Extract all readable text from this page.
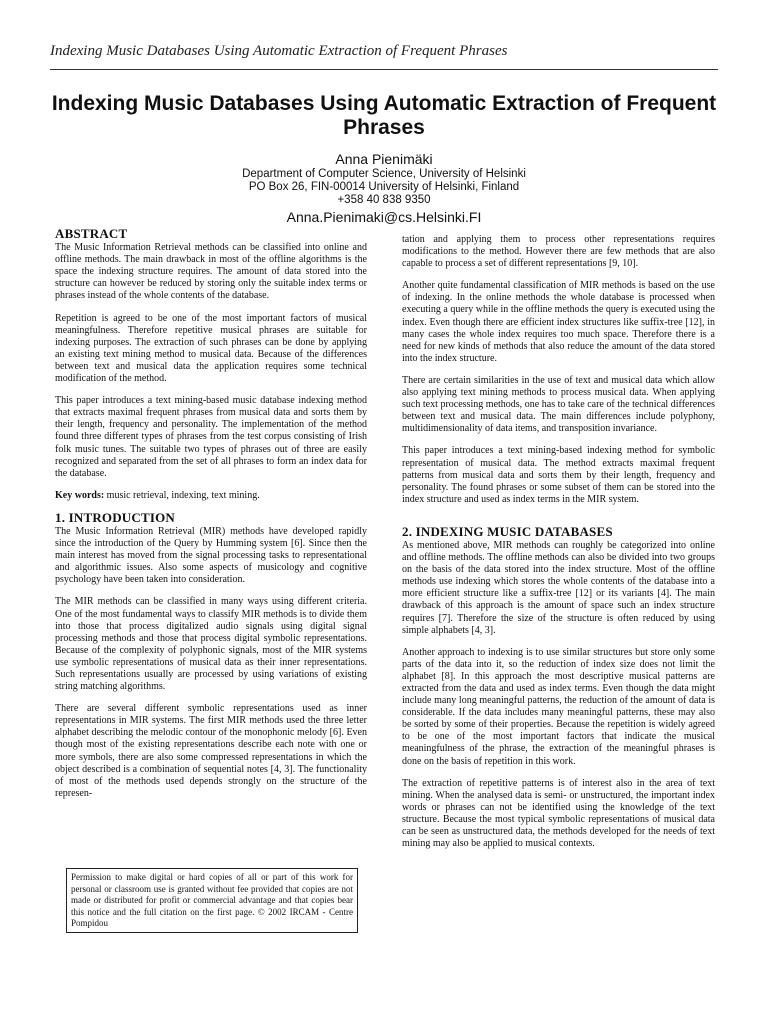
Indexing Music Databases Using Automatic Extraction of Frequent Phrases
Indexing Music Databases Using Automatic Extraction of Frequent Phrases
Anna Pienimäki
Department of Computer Science, University of Helsinki
PO Box 26, FIN-00014 University of Helsinki, Finland
+358 40 838 9350
Anna.Pienimaki@cs.Helsinki.FI
ABSTRACT

The Music Information Retrieval methods can be classified into online and offline methods. The main drawback in most of the offline algorithms is the space the indexing structure requires. The amount of data stored into the structure can however be reduced by storing only the suitable index terms or phrases instead of the whole contents of the database.

Repetition is agreed to be one of the most important factors of musical meaningfulness. Therefore repetitive musical phrases are suitable for indexing purposes. The extraction of such phrases can be done by applying an existing text mining method to musical data. Because of the differences between text and musical data the application requires some technical modification of the method.

This paper introduces a text mining-based music database indexing method that extracts maximal frequent phrases from musical data and sorts them by their length, frequency and personality. The implementation of the method found three different types of phrases from the test corpus consisting of Irish folk music tunes. The suitable two types of phrases out of three are easily recognized and separated from the set of all phrases to form an index data for the database.

Key words: music retrieval, indexing, text mining.

1. INTRODUCTION

The Music Information Retrieval (MIR) methods have developed rapidly since the introduction of the Query by Humming system [6]. Since then the main interest has moved from the signal processing tasks to representational and algorithmic issues. Also some aspects of musicology and cognitive psychology have been taken into consideration.

The MIR methods can be classified in many ways using different criteria. One of the most fundamental ways to classify MIR methods is to divide them into those that process digitalized audio signals using digital signal processing methods and those that process digital symbolic representations. Because of the complexity of polyphonic signals, most of the MIR systems use symbolic representations of musical data as their inner representations. Such representations usually are processed by using variations of existing string matching algorithms.

There are several different symbolic representations used as inner representations in MIR systems. The first MIR methods used the three letter alphabet describing the melodic contour of the monophonic melody [6]. Even though most of the existing representations describe each note with one or more symbols, there are also some compressed representations in which the object described is a combination of sequential notes [4, 3]. The functionality of most of the methods used depends strongly on the structure of the represen-

Permission to make digital or hard copies of all or part of this work for personal or classroom use is granted without fee provided that copies are not made or distributed for profit or commercial advantage and that copies bear this notice and the full citation on the first page. © 2002 IRCAM - Centre Pompidou

tation and applying them to process other representations requires modifications to the method. However there are few methods that are also capable to process a set of different representations [9, 10].

Another quite fundamental classification of MIR methods is based on the use of indexing. In the online methods the whole database is processed when executing a query while in the offline methods the query is executed using the index. Even though there are efficient index structures like suffix-tree [12], in many cases the whole index requires too much space. Therefore there is a need for new kinds of methods that also reduce the amount of the data stored into the index structure.

There are certain similarities in the use of text and musical data which allow also applying text mining methods to process musical data. When applying such text processing methods, one has to take care of the technical differences between text and musical data. The main differences include polyphony, multidimensionality of data items, and transposition invariance.

This paper introduces a text mining-based indexing method for symbolic representation of musical data. The method extracts maximal frequent patterns from musical data and sorts them by their length, frequency and personality. The found phrases or some subset of them can be stored into the index structure and used as index terms in the MIR system.

2. INDEXING MUSIC DATABASES

As mentioned above, MIR methods can roughly be categorized into online and offline methods. The offline methods can also be divided into two groups on the basis of the data stored into the index structure. Most of the offline methods use indexing which stores the whole contents of the database into a more efficient structure like a suffix-tree [12] or its variants [4]. The main drawback of this approach is the amount of space such an index structure requires [7]. Therefore the size of the structure is often reduced by using simple alphabets [4, 3].

Another approach to indexing is to use similar structures but store only some parts of the data into it, so the reduction of index size does not limit the alphabet [8]. In this approach the most descriptive musical patterns are extracted from the data and used as index terms. Even though the data might include many long meaningful patterns, the reduction of the amount of data is considerable. If the data includes many meaningful patterns, these may also be sorted by some of their properties. Because the repetition is widely agreed to be one of the most important factors that indicate the musical meaningfulness of the phrase, the extraction of the meaningful phrases is done on the basis of repetition in this work.

The extraction of repetitive patterns is of interest also in the area of text mining. When the analysed data is semi- or unstructured, the important index words or phrases can not be identified using the knowledge of the text structure. Because the most typical symbolic representations of musical data can be seen as unstructured data, the methods developed for the needs of text mining may also be applied to musical contexts.
